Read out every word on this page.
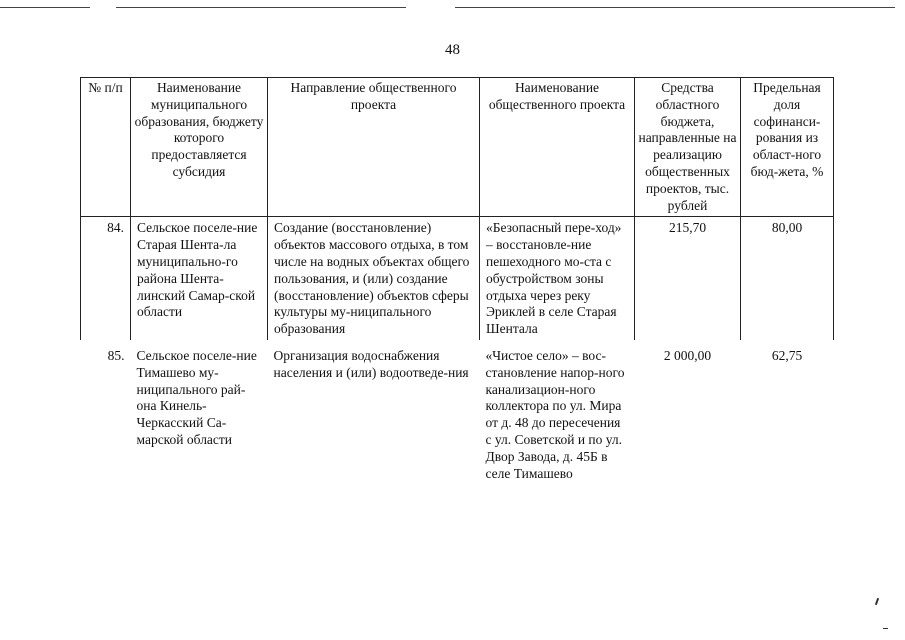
48
№ п/п	Наименование муниципального образования, бюджету которого предоставляется субсидия	Направление общественного проекта	Наименование общественного проекта	Средства областного бюджета, направленные на реализацию общественных проектов, тыс. рублей	Предельная доля софинанси-рования из област-ного бюд-жета, %
84.	Сельское поселе-ние Старая Шента-ла муниципально-го района Шента-линский Самар-ской области	Создание (восстановление) объектов массового отдыха, в том числе на водных объектах общего пользования, и (или) создание (восстановление) объектов сферы культуры му-ниципального образования	«Безопасный пере-ход» – восстановле-ние пешеходного мо-ста с обустройством зоны отдыха через реку Эриклей в селе Старая Шентала	215,70	80,00
85.	Сельское поселе-ние Тимашево му-ниципального рай-она Кинель-Черкасский Са-марской области	Организация водоснабжения населения и (или) водоотведе-ния	«Чистое село» – вос-становление напор-ного канализацион-ного коллектора по ул. Мира от д. 48 до пересечения с ул. Советской и по ул. Двор Завода, д. 45Б в селе Тимашево	2 000,00	62,75
